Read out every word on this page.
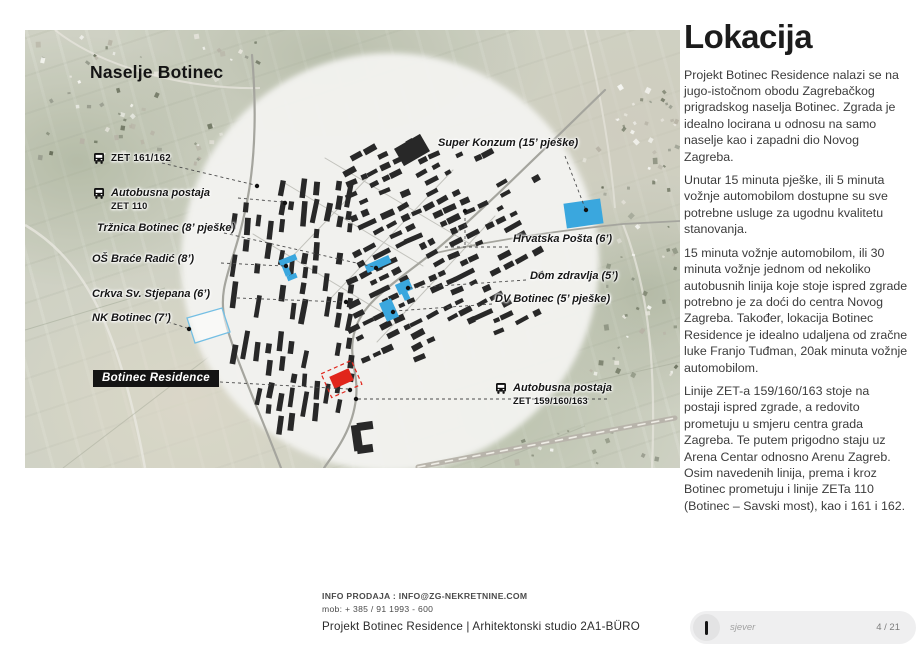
Naselje Botinec
ZET 161/162
Autobusna postaja
ZET 110
Tržnica Botinec (8’ pješke)
OŠ Braće Radić (8’)
Crkva Sv. Stjepana (6’)
NK Botinec (7’)
Botinec Residence
Super Konzum (15’ pješke)
Hrvatska Pošta (6’)
Dom zdravlja (5’)
DV Botinec (5’ pješke)
Autobusna postaja
ZET 159/160/163
Lokacija

Projekt Botinec Residence nalazi se na jugo-istočnom obodu Zagrebačkog prigradskog naselja Botinec. Zgrada je idealno locirana u odnosu na samo naselje kao i zapadni dio Novog Zagreba.

Unutar 15 minuta pješke, ili 5 minuta vožnje automobilom dostupne su sve potrebne usluge za ugodnu kvalitetu stanovanja.

15 minuta vožnje automobilom, ili 30 minuta vožnje jednom od nekoliko autobusnih linija koje stoje ispred zgrade potrebno je za doći do centra Novog Zagreba. Također, lokacija Botinec Residence je idealno udaljena od zračne luke Franjo Tuđman, 20ak minuta vožnje automobilom.

Linije ZET-a 159/160/163 stoje na postaji ispred zgrade, a redovito prometuju u smjeru centra grada Zagreba. Te putem prigodno staju uz Arena Centar odnosno Arenu Zagreb. Osim navedenih linija, prema i kroz Botinec prometuju i linije ZETa 110 (Botinec – Savski most), kao i 161 i 162.

INFO PRODAJA : INFO@ZG-NEKRETNINE.COM
mob: + 385 / 91 1993 - 600
Projekt Botinec Residence | Arhitektonski studio 2A1-BÜRO	sjever	4 / 21
